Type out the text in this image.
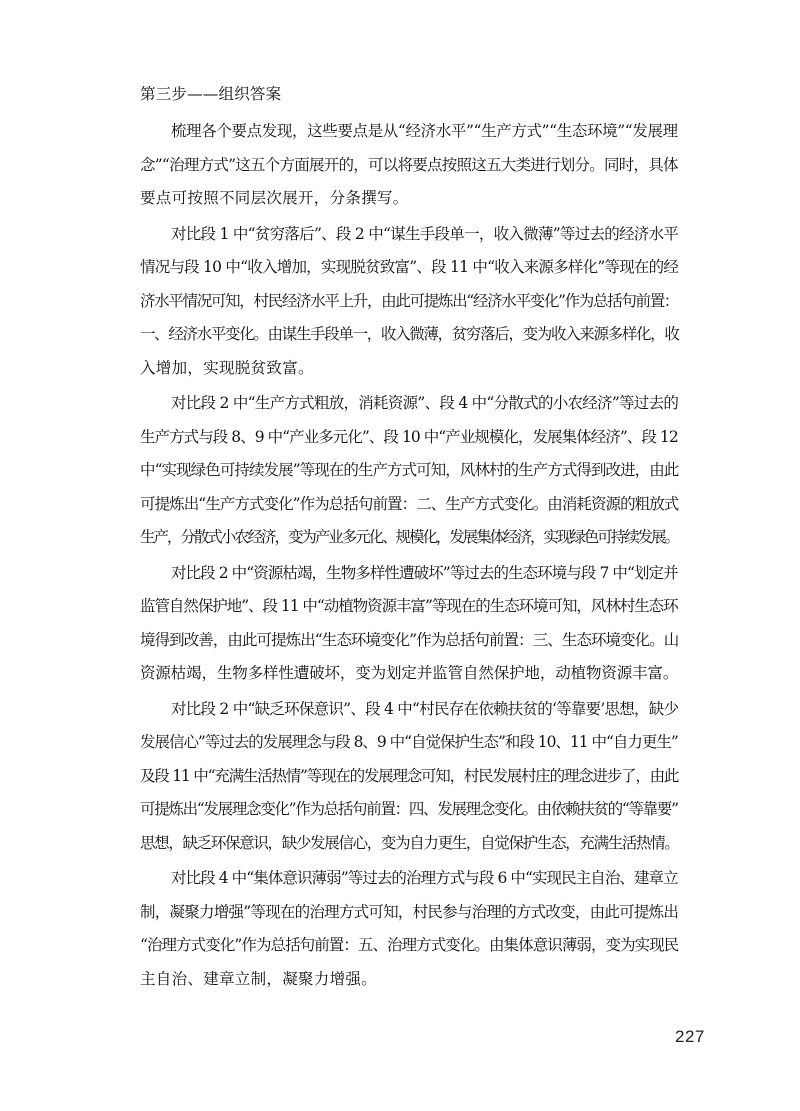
第三步——组织答案
梳理各个要点发现，这些要点是从“经济水平”“生产方式”“生态环境”“发展理
念”“治理方式”这五个方面展开的，可以将要点按照这五大类进行划分。同时，具体
要点可按照不同层次展开，分条撰写。
对比段 1 中“贫穷落后”、段 2 中“谋生手段单一，收入微薄”等过去的经济水平
情况与段 10 中“收入增加，实现脱贫致富”、段 11 中“收入来源多样化”等现在的经
济水平情况可知，村民经济水平上升，由此可提炼出“经济水平变化”作为总括句前置：
一、经济水平变化。由谋生手段单一，收入微薄，贫穷落后，变为收入来源多样化，收
入增加，实现脱贫致富。
对比段 2 中“生产方式粗放，消耗资源”、段 4 中“分散式的小农经济”等过去的
生产方式与段 8、9 中“产业多元化”、段 10 中“产业规模化，发展集体经济”、段 12
中“实现绿色可持续发展”等现在的生产方式可知，风林村的生产方式得到改进，由此
可提炼出“生产方式变化”作为总括句前置：二、生产方式变化。由消耗资源的粗放式
生产，分散式小农经济，变为产业多元化、规模化，发展集体经济，实现绿色可持续发展。
对比段 2 中“资源枯竭，生物多样性遭破坏”等过去的生态环境与段 7 中“划定并
监管自然保护地”、段 11 中“动植物资源丰富”等现在的生态环境可知，风林村生态环
境得到改善，由此可提炼出“生态环境变化”作为总括句前置：三、生态环境变化。山
资源枯竭，生物多样性遭破坏，变为划定并监管自然保护地，动植物资源丰富。
对比段 2 中“缺乏环保意识”、段 4 中“村民存在依赖扶贫的‘等靠要’思想，缺少
发展信心”等过去的发展理念与段 8、9 中“自觉保护生态”和段 10、11 中“自力更生”
及段 11 中“充满生活热情”等现在的发展理念可知，村民发展村庄的理念进步了，由此
可提炼出“发展理念变化”作为总括句前置：四、发展理念变化。由依赖扶贫的“等靠要”
思想，缺乏环保意识，缺少发展信心，变为自力更生，自觉保护生态，充满生活热情。
对比段 4 中“集体意识薄弱”等过去的治理方式与段 6 中“实现民主自治、建章立
制，凝聚力增强”等现在的治理方式可知，村民参与治理的方式改变，由此可提炼出
“治理方式变化”作为总括句前置：五、治理方式变化。由集体意识薄弱，变为实现民
主自治、建章立制，凝聚力增强。
227
